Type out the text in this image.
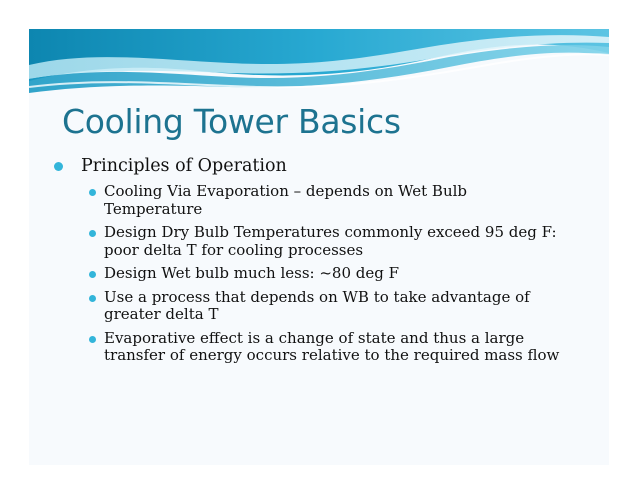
Cooling Tower Basics
Principles of Operation
Cooling Via Evaporation – depends on Wet Bulb Temperature
Design Dry Bulb Temperatures commonly exceed 95 deg F: poor delta T for cooling processes
Design Wet bulb much less: ~80 deg F
Use a process that depends on WB to take advantage of greater delta T
Evaporative effect is a change of state and thus a large transfer of energy occurs relative to the required mass flow
